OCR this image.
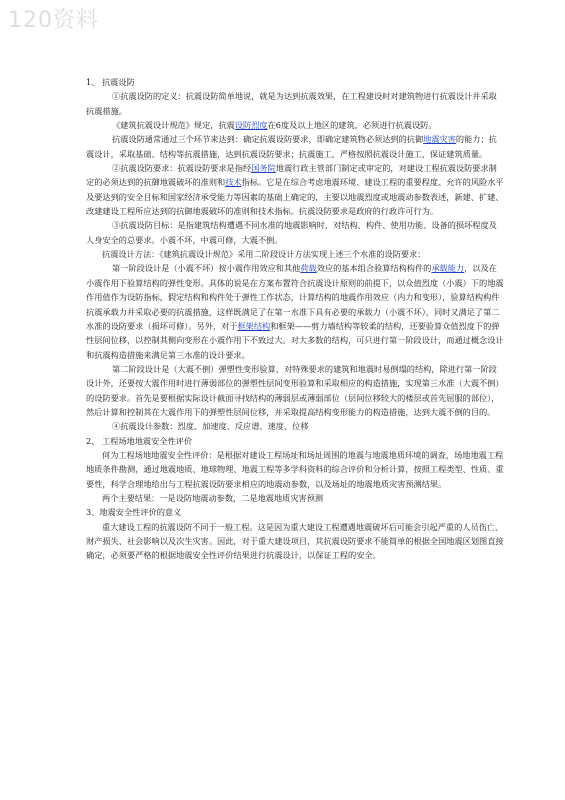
120资料

1、 抗震设防

①抗震设防的定义：抗震设防简单地说，就是为达到抗震效果，在工程建设时对建筑物进行抗震设计并采取抗震措施。

《建筑抗震设计规范》规定，抗震设防烈度在6度及以上地区的建筑，必须进行抗震设防。

抗震设防通常通过三个环节来达到：确定抗震设防要求，即确定建筑物必须达到的抗御地震灾害的能力；抗震设计，采取基础、结构等抗震措施，达到抗震设防要求；抗震施工，严格按照抗震设计施工，保证建筑质量。

②抗震设防要求：抗震设防要求是指经国务院地震行政主管部门制定或审定的，对建设工程抗震设防要求制定的必须达到的抗御地震破坏的准则和技术指标。它是在综合考虑地震环境、建设工程的重要程度、允许的风险水平及要达到的安全目标和国家经济承受能力等因素的基础上确定的，主要以地震烈度或地震动参数表述，新建、扩建、改建建设工程所应达到的抗御地震破坏的准则和技术指标。抗震设防要求是政府的行政许可行为。

③抗震设防目标：是指建筑结构遭遇不同水准的地震影响时，对结构、构件、使用功能、设备的损坏程度及人身安全的总要求。小震不坏，中震可修，大震不倒。

抗震设计方法：《建筑抗震设计规范》采用二阶段设计方法实现上述三个水准的设防要求：

第一阶段设计是（小震不坏）按小震作用效应和其他荷载效应的基本组合验算结构构件的承载能力，以及在小震作用下验算结构的弹性变形。具体的说是在方案布置符合抗震设计原则的前提下，以众值烈度（小震）下的地震作用值作为设防指标，假定结构和构件处于弹性工作状态，计算结构的地震作用效应（内力和变形），验算结构构件抗震承载力并采取必要的抗震措施，这样既满足了在第一水准下具有必要的承载力（小震不坏），同时又满足了第二水准的设防要求（损坏可修）。另外，对于框架结构和框架——剪力墙结构等较柔的结构，还要验算众值烈度下的弹性层间位移，以控制其侧向变形在小震作用下不致过大。对大多数的结构，可只进行第一阶段设计，而通过概念设计和抗震构造措施来满足第三水准的设计要求。

第二阶段设计是（大震不倒）弹塑性变形验算，对特殊要求的建筑和地震时易倒塌的结构，除进行第一阶段设计外，还要按大震作用时进行薄弱部位的弹塑性层间变形验算和采取相应的构造措施，实现第三水准（大震不倒）的设防要求。首先是要根据实际设计截面寻找结构的薄弱层或薄弱部位（层间位移较大的楼层或首先屈服的部位），然后计算和控制其在大震作用下的弹塑性层间位移，并采取提高结构变形能力的构造措施，达到大震不倒的目的。

④抗震设计参数：烈度、加速度、反应谱、速度、位移

2、 工程场地地震安全性评价

何为工程场地地震安全性评价：是根据对建设工程场址和场址周围的地震与地震地质环境的调查，场地地震工程地质条件勘测，通过地震地质、地球物理、地震工程等多学科资料的综合评价和分析计算，按照工程类型、性质、重要性，科学合理地给出与工程抗震设防要求相应的地震动参数，以及场址的地震地质灾害预测结果。

两个主要结果：一是设防地震动参数，二是地震地质灾害预测

3、地震安全性评价的意义

重大建设工程的抗震设防不同于一般工程。这是因为重大建设工程遭遇地震破坏后可能会引起严重的人员伤亡、财产损失、社会影响以及次生灾害。因此，对于重大建设项目，其抗震设防要求不能简单的根据全国地震区划图直接确定，必须要严格的根据地震安全性评价结果进行抗震设计，以保证工程的安全。
